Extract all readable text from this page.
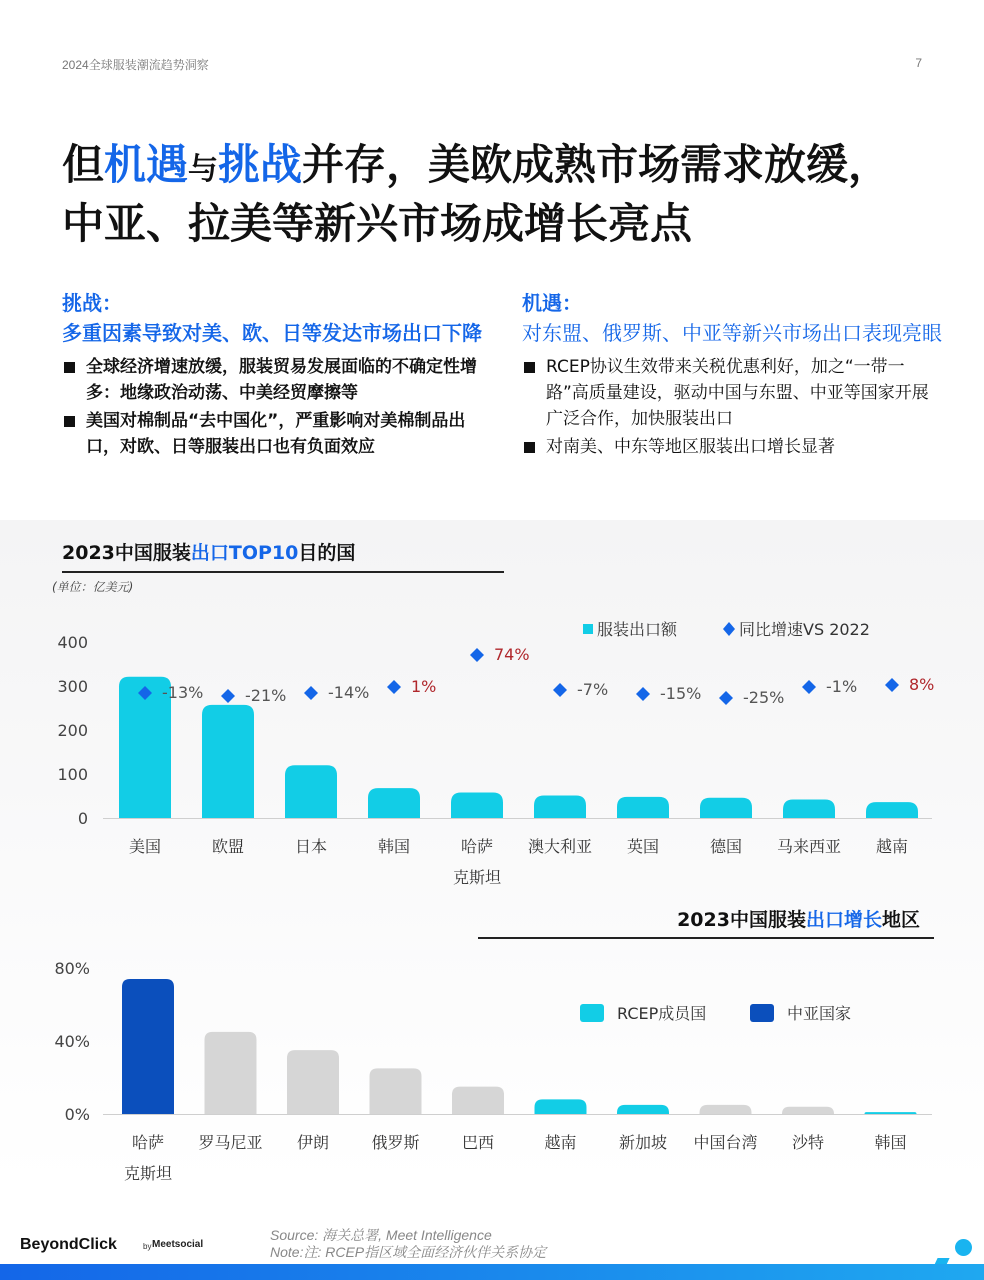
2024全球服装潮流趋势洞察	7
但机遇与挑战并存，美欧成熟市场需求放缓，
中亚、拉美等新兴市场成增长亮点
挑战：
多重因素导致对美、欧、日等发达市场出口下降
全球经济增速放缓，服装贸易发展面临的不确定性增多：地缘政治动荡、中美经贸摩擦等
美国对棉制品“去中国化”，严重影响对美棉制品出口，对欧、日等服装出口也有负面效应
机遇：
对东盟、俄罗斯、中亚等新兴市场出口表现亮眼
RCEP协议生效带来关税优惠利好，加之“一带一路”高质量建设，驱动中国与东盟、中亚等国家开展广泛合作，加快服装出口
对南美、中东等地区服装出口增长显著
2023中国服装出口TOP10目的国
(单位：亿美元)
0
100
200
300
400
美国
-13%
欧盟
-21%
日本
-14%
韩国
1%
哈萨克斯坦
74%
澳大利亚
-7%
英国
-15%
德国
-25%
马来西亚
-1%
越南
8%
服装出口额	同比增速VS 2022
2023中国服装出口增长地区
0%
40%
80%
哈萨克斯坦
罗马尼亚 伊朗	俄罗斯	巴西	越南	新加坡 中国台湾 沙特	韩国
RCEP成员国	中亚国家
BeyondClick	by Meetsocial
Source: 海关总署, Meet Intelligence
Note:注: RCEP指区域全面经济伙伴关系协定
